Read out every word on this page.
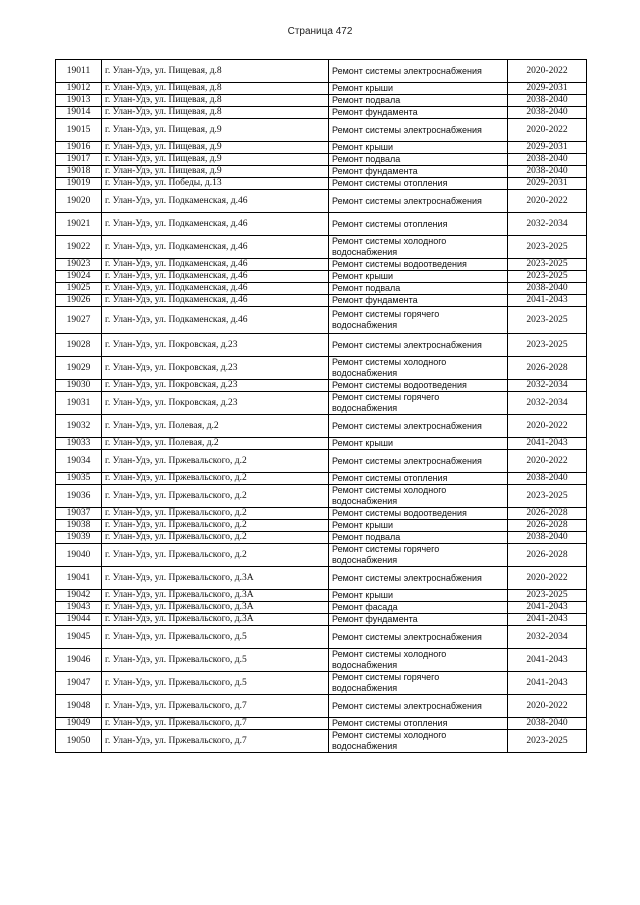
Страница 472
19011	г. Улан-Удэ, ул. Пищевая, д.8	Ремонт системы электроснабжения	2020-2022
19012	г. Улан-Удэ, ул. Пищевая, д.8	Ремонт крыши	2029-2031
19013	г. Улан-Удэ, ул. Пищевая, д.8	Ремонт подвала	2038-2040
19014	г. Улан-Удэ, ул. Пищевая, д.8	Ремонт фундамента	2038-2040
19015	г. Улан-Удэ, ул. Пищевая, д.9	Ремонт системы электроснабжения	2020-2022
19016	г. Улан-Удэ, ул. Пищевая, д.9	Ремонт крыши	2029-2031
19017	г. Улан-Удэ, ул. Пищевая, д.9	Ремонт подвала	2038-2040
19018	г. Улан-Удэ, ул. Пищевая, д.9	Ремонт фундамента	2038-2040
19019	г. Улан-Удэ, ул. Победы, д.13	Ремонт системы отопления	2029-2031
19020	г. Улан-Удэ, ул. Подкаменская, д.46	Ремонт системы электроснабжения	2020-2022
19021	г. Улан-Удэ, ул. Подкаменская, д.46	Ремонт системы отопления	2032-2034
19022	г. Улан-Удэ, ул. Подкаменская, д.46	Ремонт системы холодного водоснабжения	2023-2025
19023	г. Улан-Удэ, ул. Подкаменская, д.46	Ремонт системы водоотведения	2023-2025
19024	г. Улан-Удэ, ул. Подкаменская, д.46	Ремонт крыши	2023-2025
19025	г. Улан-Удэ, ул. Подкаменская, д.46	Ремонт подвала	2038-2040
19026	г. Улан-Удэ, ул. Подкаменская, д.46	Ремонт фундамента	2041-2043
19027	г. Улан-Удэ, ул. Подкаменская, д.46	Ремонт системы горячего водоснабжения	2023-2025
19028	г. Улан-Удэ, ул. Покровская, д.23	Ремонт системы электроснабжения	2023-2025
19029	г. Улан-Удэ, ул. Покровская, д.23	Ремонт системы холодного водоснабжения	2026-2028
19030	г. Улан-Удэ, ул. Покровская, д.23	Ремонт системы водоотведения	2032-2034
19031	г. Улан-Удэ, ул. Покровская, д.23	Ремонт системы горячего водоснабжения	2032-2034
19032	г. Улан-Удэ, ул. Полевая, д.2	Ремонт системы электроснабжения	2020-2022
19033	г. Улан-Удэ, ул. Полевая, д.2	Ремонт крыши	2041-2043
19034	г. Улан-Удэ, ул. Пржевальского, д.2	Ремонт системы электроснабжения	2020-2022
19035	г. Улан-Удэ, ул. Пржевальского, д.2	Ремонт системы отопления	2038-2040
19036	г. Улан-Удэ, ул. Пржевальского, д.2	Ремонт системы холодного водоснабжения	2023-2025
19037	г. Улан-Удэ, ул. Пржевальского, д.2	Ремонт системы водоотведения	2026-2028
19038	г. Улан-Удэ, ул. Пржевальского, д.2	Ремонт крыши	2026-2028
19039	г. Улан-Удэ, ул. Пржевальского, д.2	Ремонт подвала	2038-2040
19040	г. Улан-Удэ, ул. Пржевальского, д.2	Ремонт системы горячего водоснабжения	2026-2028
19041	г. Улан-Удэ, ул. Пржевальского, д.3А	Ремонт системы электроснабжения	2020-2022
19042	г. Улан-Удэ, ул. Пржевальского, д.3А	Ремонт крыши	2023-2025
19043	г. Улан-Удэ, ул. Пржевальского, д.3А	Ремонт фасада	2041-2043
19044	г. Улан-Удэ, ул. Пржевальского, д.3А	Ремонт фундамента	2041-2043
19045	г. Улан-Удэ, ул. Пржевальского, д.5	Ремонт системы электроснабжения	2032-2034
19046	г. Улан-Удэ, ул. Пржевальского, д.5	Ремонт системы холодного водоснабжения	2041-2043
19047	г. Улан-Удэ, ул. Пржевальского, д.5	Ремонт системы горячего водоснабжения	2041-2043
19048	г. Улан-Удэ, ул. Пржевальского, д.7	Ремонт системы электроснабжения	2020-2022
19049	г. Улан-Удэ, ул. Пржевальского, д.7	Ремонт системы отопления	2038-2040
19050	г. Улан-Удэ, ул. Пржевальского, д.7	Ремонт системы холодного водоснабжения	2023-2025
